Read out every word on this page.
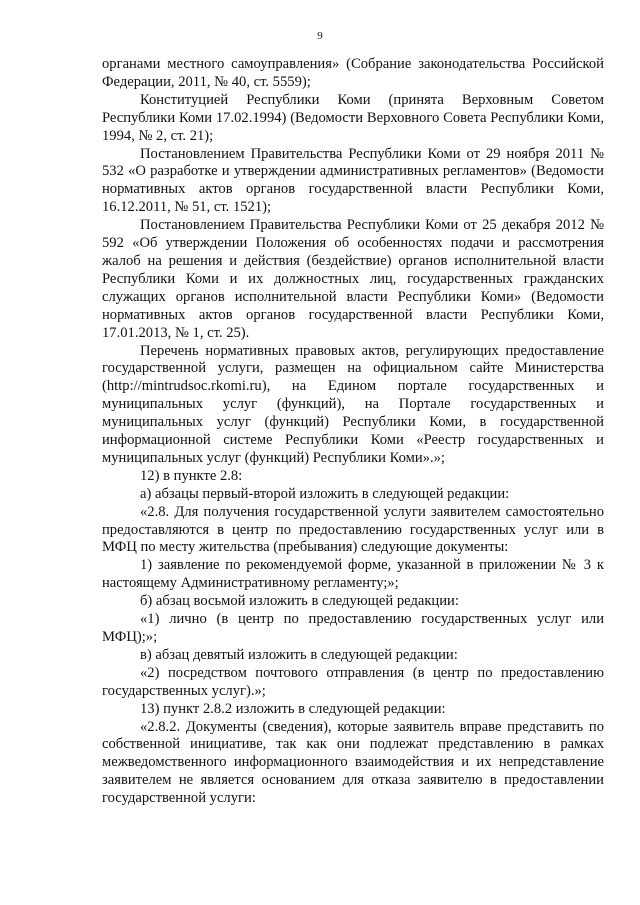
9

органами местного самоуправления» (Собрание законодательства Российской Федерации, 2011, № 40, ст. 5559);

Конституцией Республики Коми (принята Верховным Советом Республики Коми 17.02.1994) (Ведомости Верховного Совета Республики Коми, 1994, № 2, ст. 21);

Постановлением Правительства Республики Коми от 29 ноября 2011 № 532 «О разработке и утверждении административных регламентов» (Ведомости нормативных актов органов государственной власти Республики Коми, 16.12.2011, № 51, ст. 1521);

Постановлением Правительства Республики Коми от 25 декабря 2012 № 592 «Об утверждении Положения об особенностях подачи и рассмотрения жалоб на решения и действия (бездействие) органов исполнительной власти Республики Коми и их должностных лиц, государственных гражданских служащих органов исполнительной власти Республики Коми» (Ведомости нормативных актов органов государственной власти Республики Коми, 17.01.2013, № 1, ст. 25).

Перечень нормативных правовых актов, регулирующих предоставление государственной услуги, размещен на официальном сайте Министерства (http://mintrudsoc.rkomi.ru), на Едином портале государственных и муниципальных услуг (функций), на Портале государственных и муниципальных услуг (функций) Республики Коми, в государственной информационной системе Республики Коми «Реестр государственных и муниципальных услуг (функций) Республики Коми».»;

12) в пункте 2.8:

а) абзацы первый-второй изложить в следующей редакции:

«2.8. Для получения государственной услуги заявителем самостоятельно предоставляются в центр по предоставлению государственных услуг или в МФЦ по месту жительства (пребывания) следующие документы:

1) заявление по рекомендуемой форме, указанной в приложении № 3 к настоящему Административному регламенту;»;

б) абзац восьмой изложить в следующей редакции:

«1) лично (в центр по предоставлению государственных услуг или МФЦ);»;

в) абзац девятый изложить в следующей редакции:

«2) посредством почтового отправления (в центр по предоставлению государственных услуг).»;

13) пункт 2.8.2 изложить в следующей редакции:

«2.8.2. Документы (сведения), которые заявитель вправе представить по собственной инициативе, так как они подлежат представлению в рамках межведомственного информационного взаимодействия и их непредставление заявителем не является основанием для отказа заявителю в предоставлении государственной услуги:
